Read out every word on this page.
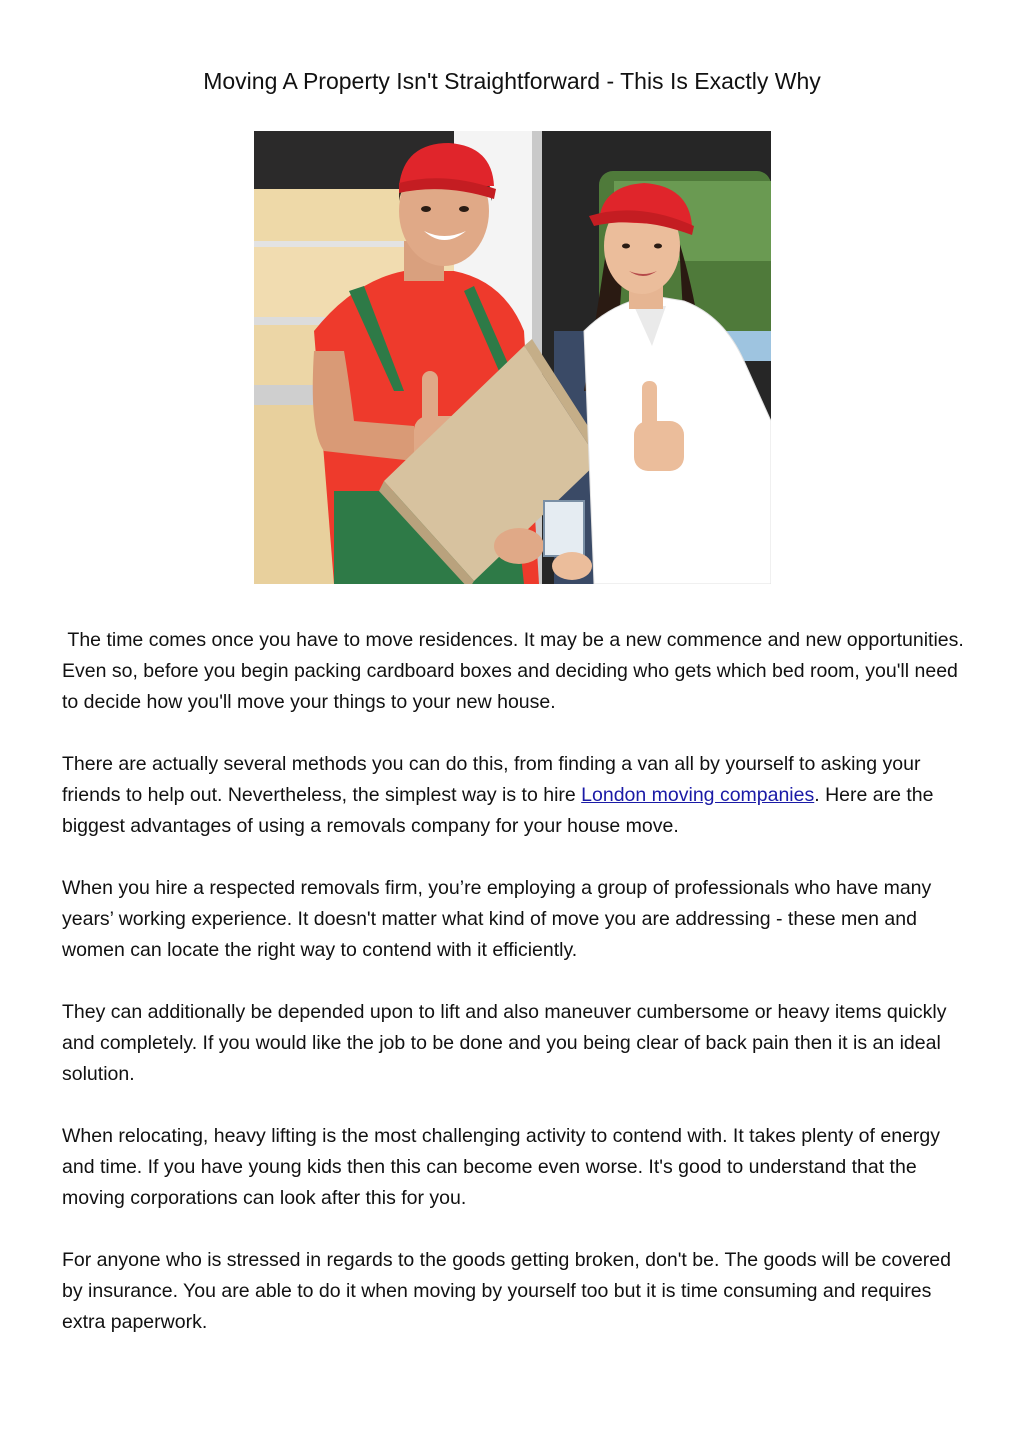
Moving A Property Isn't Straightforward - This Is Exactly Why

The time comes once you have to move residences. It may be a new commence and new opportunities. Even so, before you begin packing cardboard boxes and deciding who gets which bed room, you'll need to decide how you'll move your things to your new house.

There are actually several methods you can do this, from finding a van all by yourself to asking your friends to help out. Nevertheless, the simplest way is to hire London moving companies. Here are the biggest advantages of using a removals company for your house move.

When you hire a respected removals firm, you’re employing a group of professionals who have many years’ working experience. It doesn't matter what kind of move you are addressing - these men and women can locate the right way to contend with it efficiently.

They can additionally be depended upon to lift and also maneuver cumbersome or heavy items quickly and completely. If you would like the job to be done and you being clear of back pain then it is an ideal solution.

When relocating, heavy lifting is the most challenging activity to contend with. It takes plenty of energy and time. If you have young kids then this can become even worse. It's good to understand that the moving corporations can look after this for you.

For anyone who is stressed in regards to the goods getting broken, don't be. The goods will be covered by insurance. You are able to do it when moving by yourself too but it is time consuming and requires extra paperwork.
